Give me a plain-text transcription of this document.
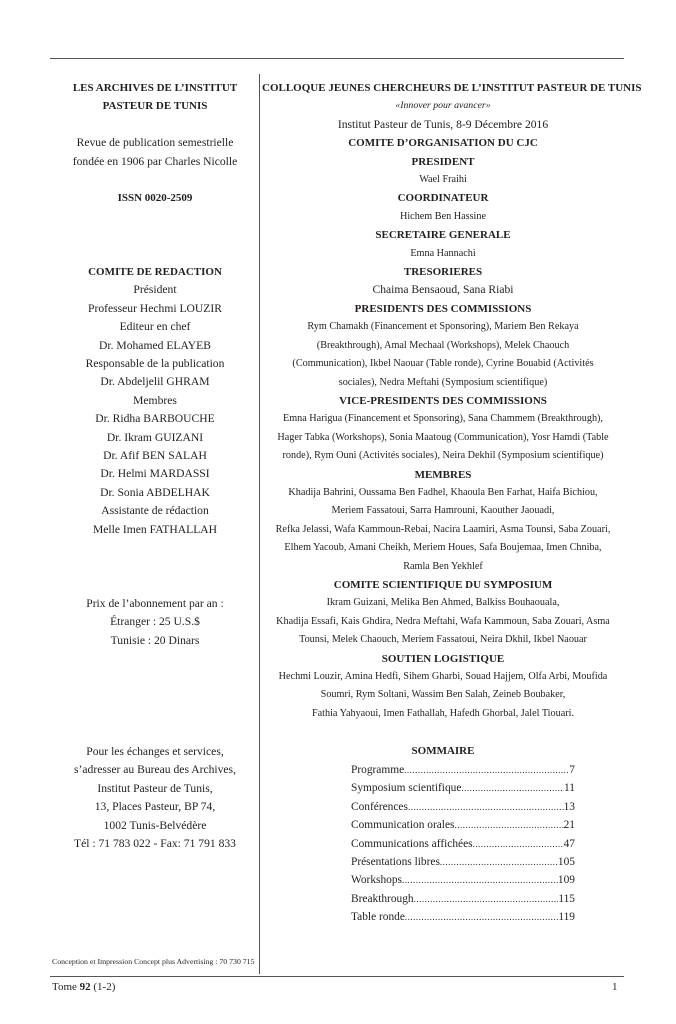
LES ARCHIVES DE L’INSTITUT
PASTEUR DE TUNIS
Revue de publication semestrielle
fondée en 1906 par Charles Nicolle
ISSN 0020-2509
COMITE DE REDACTION
Président
Professeur Hechmi LOUZIR
Editeur en chef
Dr. Mohamed ELAYEB
Responsable de la publication
Dr. Abdeljelil GHRAM
Membres
Dr. Ridha BARBOUCHE
Dr. Ikram GUIZANI
Dr. Afif BEN SALAH
Dr. Helmi MARDASSI
Dr. Sonia ABDELHAK
Assistante de rédaction
Melle Imen FATHALLAH
Prix de l’abonnement par an :
Étranger : 25 U.S.$
Tunisie : 20 Dinars
Pour les échanges et services,
s’adresser au Bureau des Archives,
Institut Pasteur de Tunis,
13, Places Pasteur, BP 74,
1002 Tunis-Belvédère
Tél : 71 783 022 - Fax: 71 791 833
COLLOQUE JEUNES CHERCHEURS DE L’INSTITUT PASTEUR DE TUNIS
«Innover pour avancer»
Institut Pasteur de Tunis, 8-9 Décembre 2016
COMITE D’ORGANISATION DU CJC
PRESIDENT
Wael Fraihi
COORDINATEUR
Hichem Ben Hassine
SECRETAIRE GENERALE
Emna Hannachi
TRESORIERES
Chaima Bensaoud, Sana Riabi
PRESIDENTS DES COMMISSIONS
Rym Chamakh (Financement et Sponsoring), Mariem Ben Rekaya
(Breakthrough), Amal Mechaal (Workshops), Melek Chaouch
(Communication), Ikbel Naouar (Table ronde), Cyrine Bouabid (Activités
sociales), Nedra Meftahi (Symposium scientifique)
VICE-PRESIDENTS DES COMMISSIONS
Emna Harigua (Financement et Sponsoring), Sana Chammem (Breakthrough),
Hager Tabka (Workshops), Sonia Maatoug (Communication), Yosr Hamdi (Table
ronde), Rym Ouni (Activités sociales), Neira Dekhil (Symposium scientifique)
MEMBRES
Khadija Bahrini, Oussama Ben Fadhel, Khaoula Ben Farhat, Haifa Bichiou,
Meriem Fassatoui, Sarra Hamrouni, Kaouther Jaouadi,
Refka Jelassi, Wafa Kammoun-Rebai, Nacira Laamiri, Asma Tounsi, Saba Zouari,
Elhem Yacoub, Amani Cheikh, Meriem Houes, Safa Boujemaa, Imen Chniba,
Ramla Ben Yekhlef
COMITE SCIENTIFIQUE DU SYMPOSIUM
Ikram Guizani, Melika Ben Ahmed, Balkiss Bouhaouala,
Khadija Essafi, Kais Ghdira, Nedra Meftahi, Wafa Kammoun, Saba Zouari, Asma
Tounsi, Melek Chaouch, Meriem Fassatoui, Neira Dkhil, Ikbel Naouar
SOUTIEN LOGISTIQUE
Hechmi Louzir, Amina Hedfi, Sihem Gharbi, Souad Hajjem, Olfa Arbi, Moufida
Soumri, Rym Soltani, Wassim Ben Salah, Zeineb Boubaker,
Fathia Yahyaoui, Imen Fathallah, Hafedh Ghorbal, Jalel Tiouari.
SOMMAIRE
Programme .....	7
Symposium scientifique .....	11
Conférences .....	13
Communication orales .....	21
Communications affichées .....	47
Présentations libres .....	105
Workshops .....	109
Breakthrough .....	115
Table ronde .....	119
Conception et Impression Concept plus Advertising : 70 730 715
Tome 92 (1-2)	1
